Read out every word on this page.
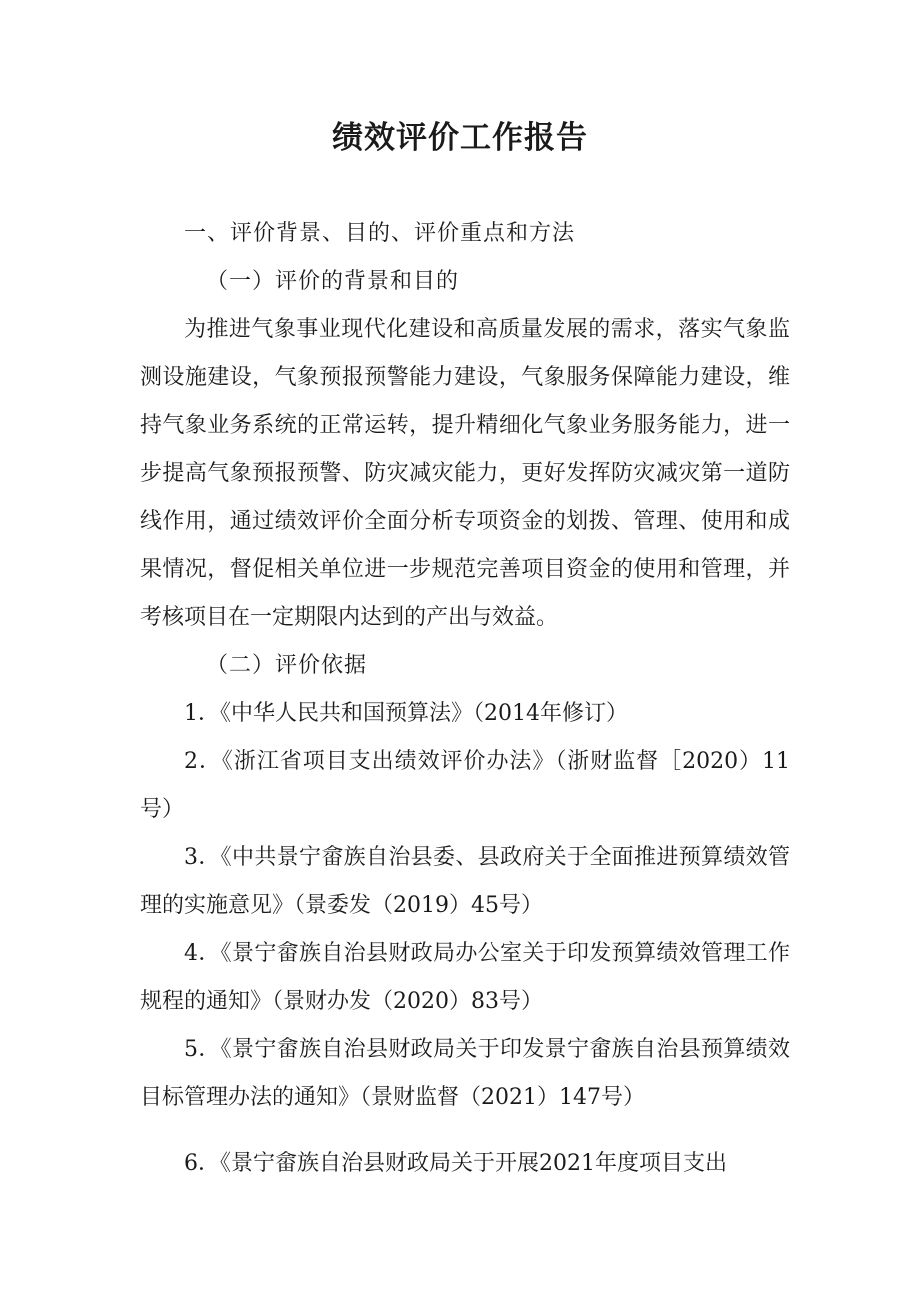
绩效评价工作报告

一、评价背景、目的、评价重点和方法

（一）评价的背景和目的

为推进气象事业现代化建设和高质量发展的需求，落实气象监测设施建设，气象预报预警能力建设，气象服务保障能力建设，维持气象业务系统的正常运转，提升精细化气象业务服务能力，进一步提高气象预报预警、防灾减灾能力，更好发挥防灾减灾第一道防线作用，通过绩效评价全面分析专项资金的划拨、管理、使用和成果情况，督促相关单位进一步规范完善项目资金的使用和管理，并考核项目在一定期限内达到的产出与效益。

（二）评价依据

1．《中华人民共和国预算法》（2014年修订）

2．《浙江省项目支出绩效评价办法》（浙财监督［2020）11号）

3．《中共景宁畲族自治县委、县政府关于全面推进预算绩效管理的实施意见》（景委发（2019）45号）

4．《景宁畲族自治县财政局办公室关于印发预算绩效管理工作规程的通知》（景财办发（2020）83号）

5．《景宁畲族自治县财政局关于印发景宁畲族自治县预算绩效目标管理办法的通知》（景财监督（2021）147号）

6．《景宁畲族自治县财政局关于开展2021年度项目支出
